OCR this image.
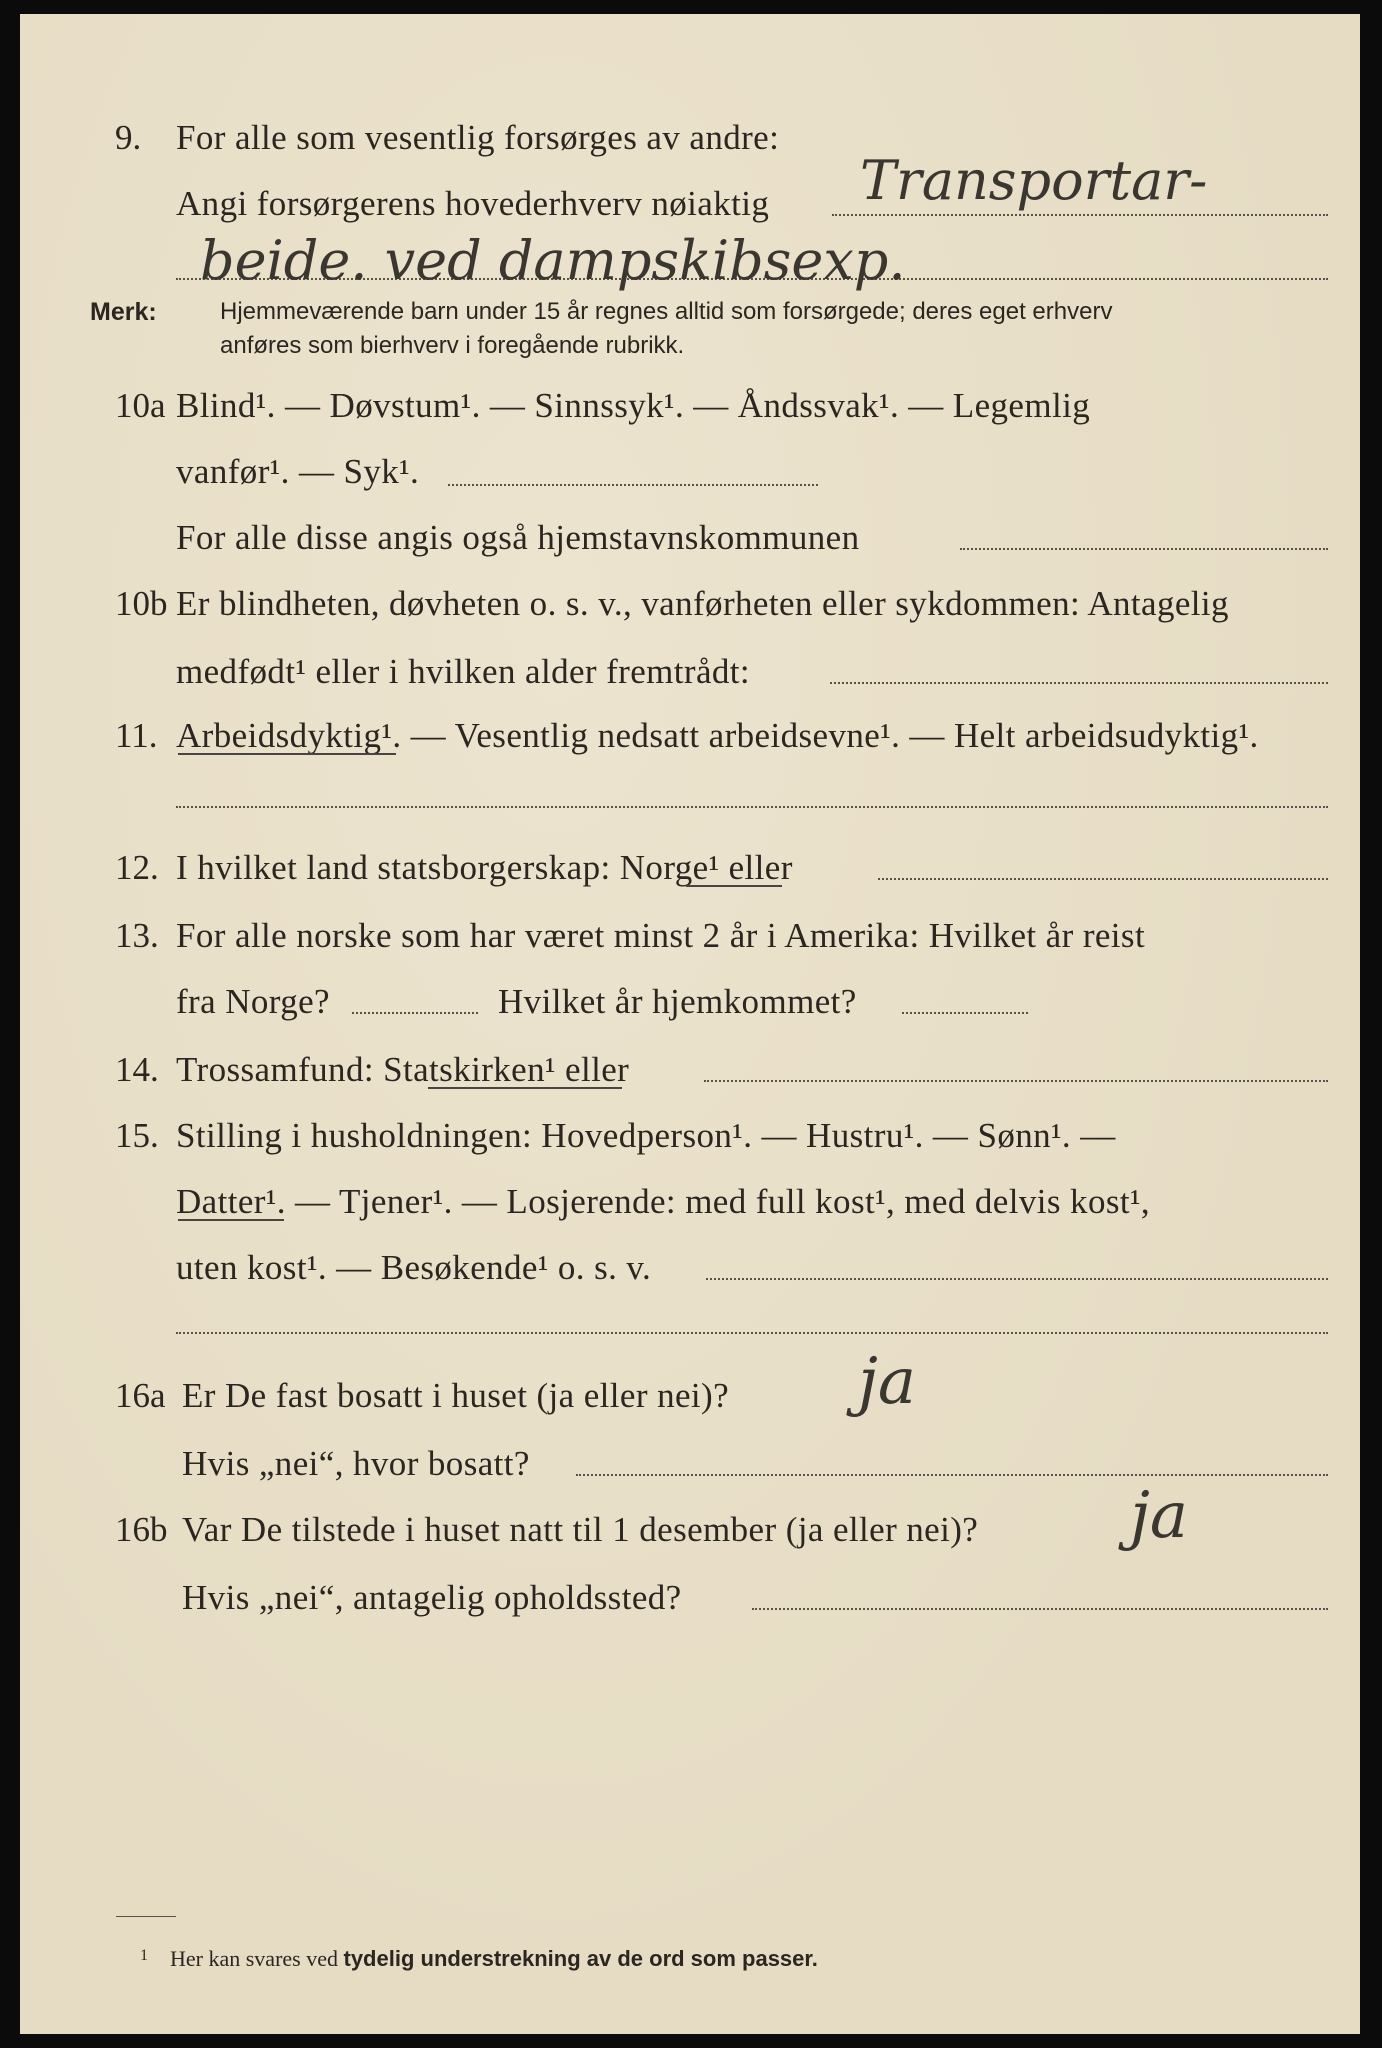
9. For alle som vesentlig forsørges av andre:
Angi forsørgerens hovederhverv nøiaktig Transportar-
beide. ved dampskibsexp.
Merk:	Hjemmeværende barn under 15 år regnes alltid som forsørgede; deres eget erhverv
anføres som bierhverv i foregående rubrikk.
10a Blind¹. — Døvstum¹. — Sinnssyk¹. — Åndssvak¹. — Legemlig
vanfør¹. — Syk¹.
For alle disse angis også hjemstavnskommunen
10b Er blindheten, døvheten o. s. v., vanførheten eller sykdommen: Antagelig
medfødt¹ eller i hvilken alder fremtrådt:
11. Arbeidsdyktig¹. — Vesentlig nedsatt arbeidsevne¹. — Helt arbeidsudyktig¹.
12. I hvilket land statsborgerskap: Norge¹ eller
13. For alle norske som har været minst 2 år i Amerika: Hvilket år reist
fra Norge?	Hvilket år hjemkommet?
14. Trossamfund: Statskirken¹ eller
15. Stilling i husholdningen: Hovedperson¹. — Hustru¹. — Sønn¹. —
Datter¹. — Tjener¹. — Losjerende: med full kost¹, med delvis kost¹,
uten kost¹. — Besøkende¹ o. s. v.
16a Er De fast bosatt i huset (ja eller nei)? ja
Hvis „nei“, hvor bosatt?
16b Var De tilstede i huset natt til 1 desember (ja eller nei)? ja
Hvis „nei“, antagelig opholdssted?
1 Her kan svares ved tydelig understrekning av de ord som passer.
